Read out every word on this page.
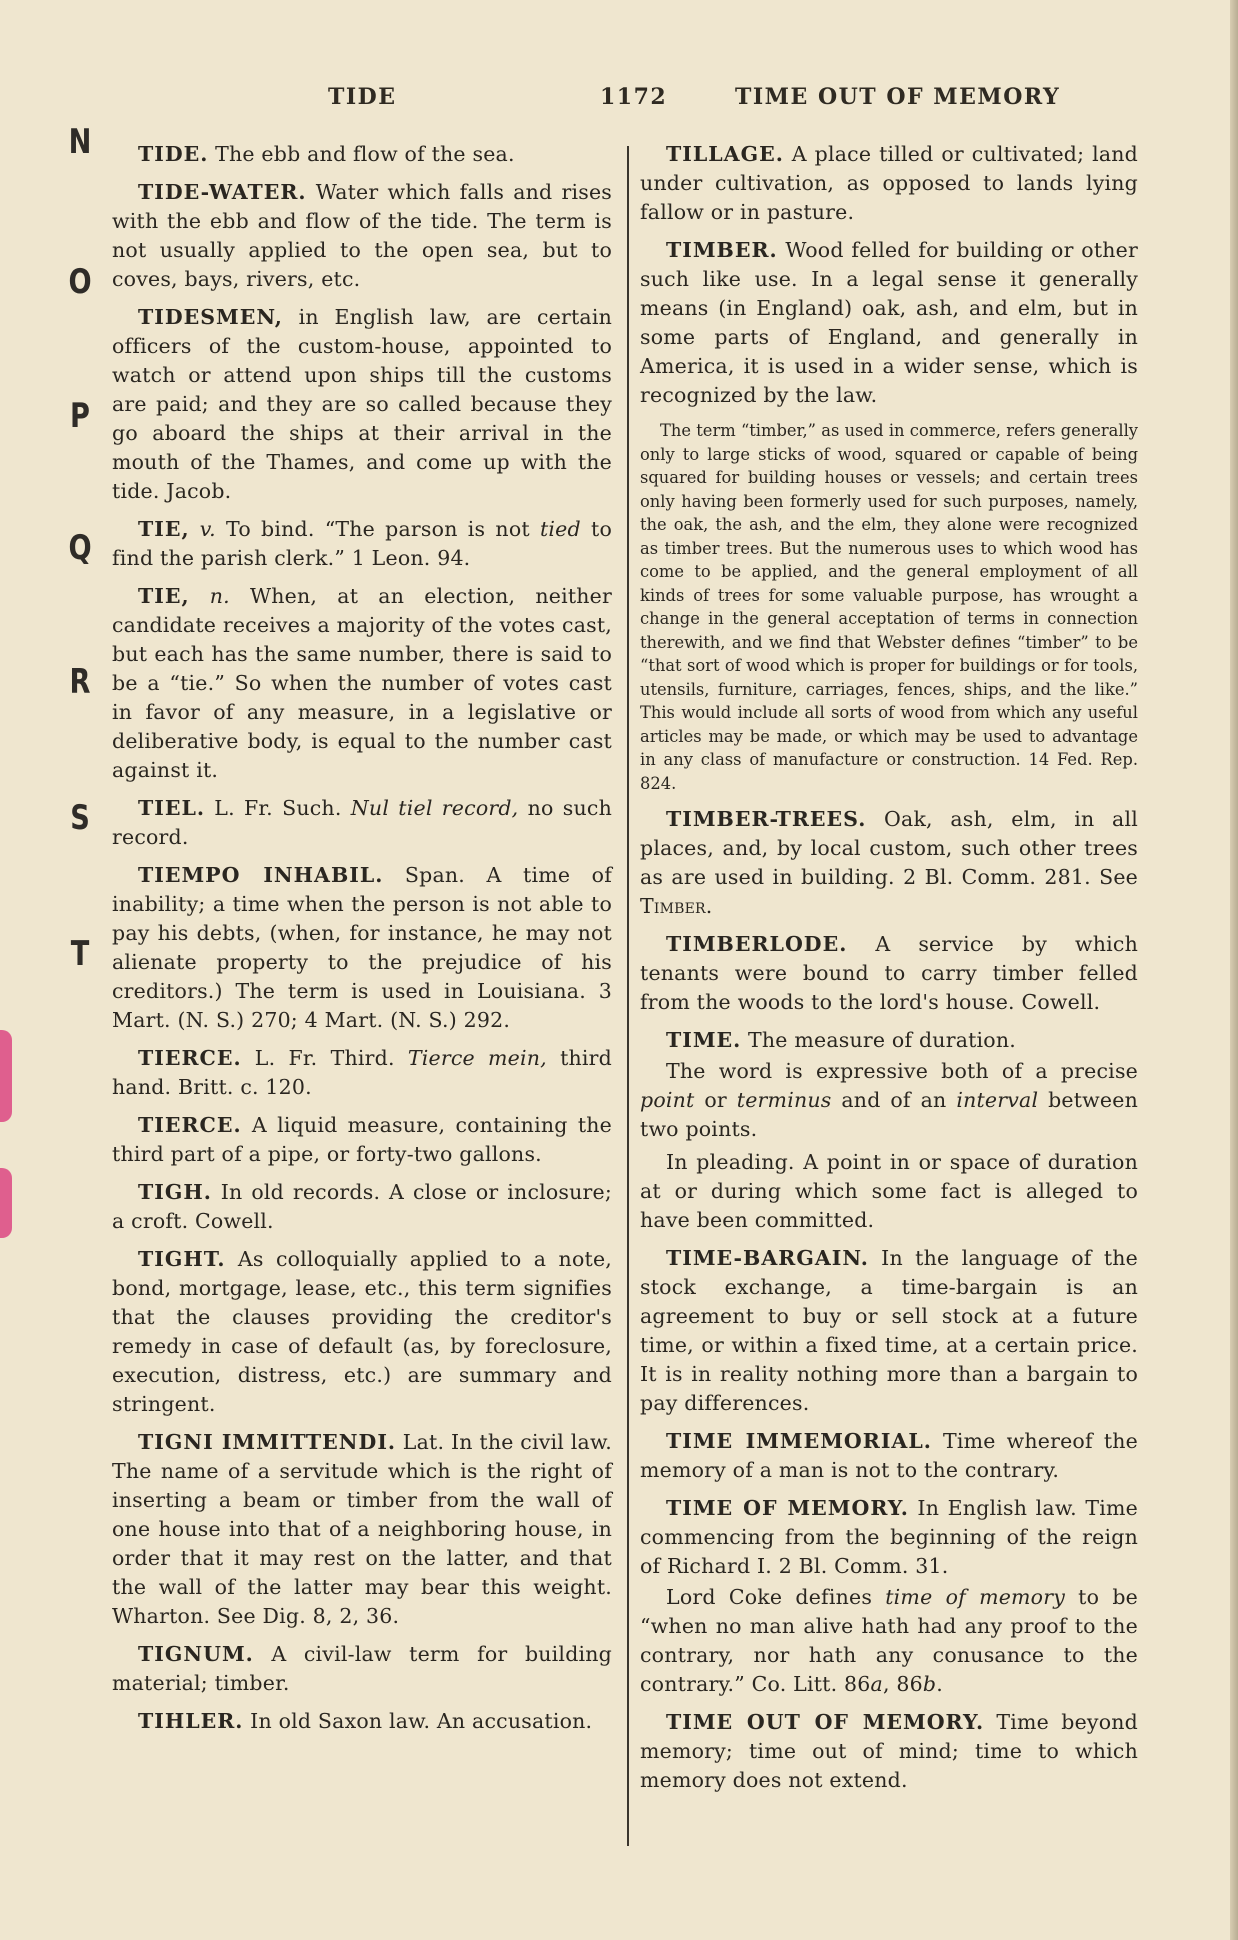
TIDE	1172	TIME OUT OF MEMORY
N
O
P
Q
R
S
T

TIDE. The ebb and flow of the sea.

TIDE-WATER. Water which falls and rises with the ebb and flow of the tide. The term is not usually applied to the open sea, but to coves, bays, rivers, etc.

TIDESMEN, in English law, are certain officers of the custom-house, appointed to watch or attend upon ships till the customs are paid; and they are so called because they go aboard the ships at their arrival in the mouth of the Thames, and come up with the tide. Jacob.

TIE, v. To bind. “The parson is not tied to find the parish clerk.” 1 Leon. 94.

TIE, n. When, at an election, neither candidate receives a majority of the votes cast, but each has the same number, there is said to be a “tie.” So when the number of votes cast in favor of any measure, in a legislative or deliberative body, is equal to the number cast against it.

TIEL. L. Fr. Such. Nul tiel record, no such record.

TIEMPO INHABIL. Span. A time of inability; a time when the person is not able to pay his debts, (when, for instance, he may not alienate property to the prejudice of his creditors.) The term is used in Louisiana. 3 Mart. (N. S.) 270; 4 Mart. (N. S.) 292.

TIERCE. L. Fr. Third. Tierce mein, third hand. Britt. c. 120.

TIERCE. A liquid measure, containing the third part of a pipe, or forty-two gallons.

TIGH. In old records. A close or inclosure; a croft. Cowell.

TIGHT. As colloquially applied to a note, bond, mortgage, lease, etc., this term signifies that the clauses providing the creditor's remedy in case of default (as, by foreclosure, execution, distress, etc.) are summary and stringent.

TIGNI IMMITTENDI. Lat. In the civil law. The name of a servitude which is the right of inserting a beam or timber from the wall of one house into that of a neighboring house, in order that it may rest on the latter, and that the wall of the latter may bear this weight. Wharton. See Dig. 8, 2, 36.

TIGNUM. A civil-law term for building material; timber.

TIHLER. In old Saxon law. An accusation.

TILLAGE. A place tilled or cultivated; land under cultivation, as opposed to lands lying fallow or in pasture.

TIMBER. Wood felled for building or other such like use. In a legal sense it generally means (in England) oak, ash, and elm, but in some parts of England, and generally in America, it is used in a wider sense, which is recognized by the law.

The term “timber,” as used in commerce, refers generally only to large sticks of wood, squared or capable of being squared for building houses or vessels; and certain trees only having been formerly used for such purposes, namely, the oak, the ash, and the elm, they alone were recognized as timber trees. But the numerous uses to which wood has come to be applied, and the general employment of all kinds of trees for some valuable purpose, has wrought a change in the general acceptation of terms in connection therewith, and we find that Webster defines “timber” to be “that sort of wood which is proper for buildings or for tools, utensils, furniture, carriages, fences, ships, and the like.” This would include all sorts of wood from which any useful articles may be made, or which may be used to advantage in any class of manufacture or construction. 14 Fed. Rep. 824.

TIMBER-TREES. Oak, ash, elm, in all places, and, by local custom, such other trees as are used in building. 2 Bl. Comm. 281. See Timber.

TIMBERLODE. A service by which tenants were bound to carry timber felled from the woods to the lord's house. Cowell.

TIME. The measure of duration.

The word is expressive both of a precise point or terminus and of an interval between two points.

In pleading. A point in or space of duration at or during which some fact is alleged to have been committed.

TIME-BARGAIN. In the language of the stock exchange, a time-bargain is an agreement to buy or sell stock at a future time, or within a fixed time, at a certain price. It is in reality nothing more than a bargain to pay differences.

TIME IMMEMORIAL. Time whereof the memory of a man is not to the contrary.

TIME OF MEMORY. In English law. Time commencing from the beginning of the reign of Richard I. 2 Bl. Comm. 31.

Lord Coke defines time of memory to be “when no man alive hath had any proof to the contrary, nor hath any conusance to the contrary.” Co. Litt. 86a, 86b.

TIME OUT OF MEMORY. Time beyond memory; time out of mind; time to which memory does not extend.
